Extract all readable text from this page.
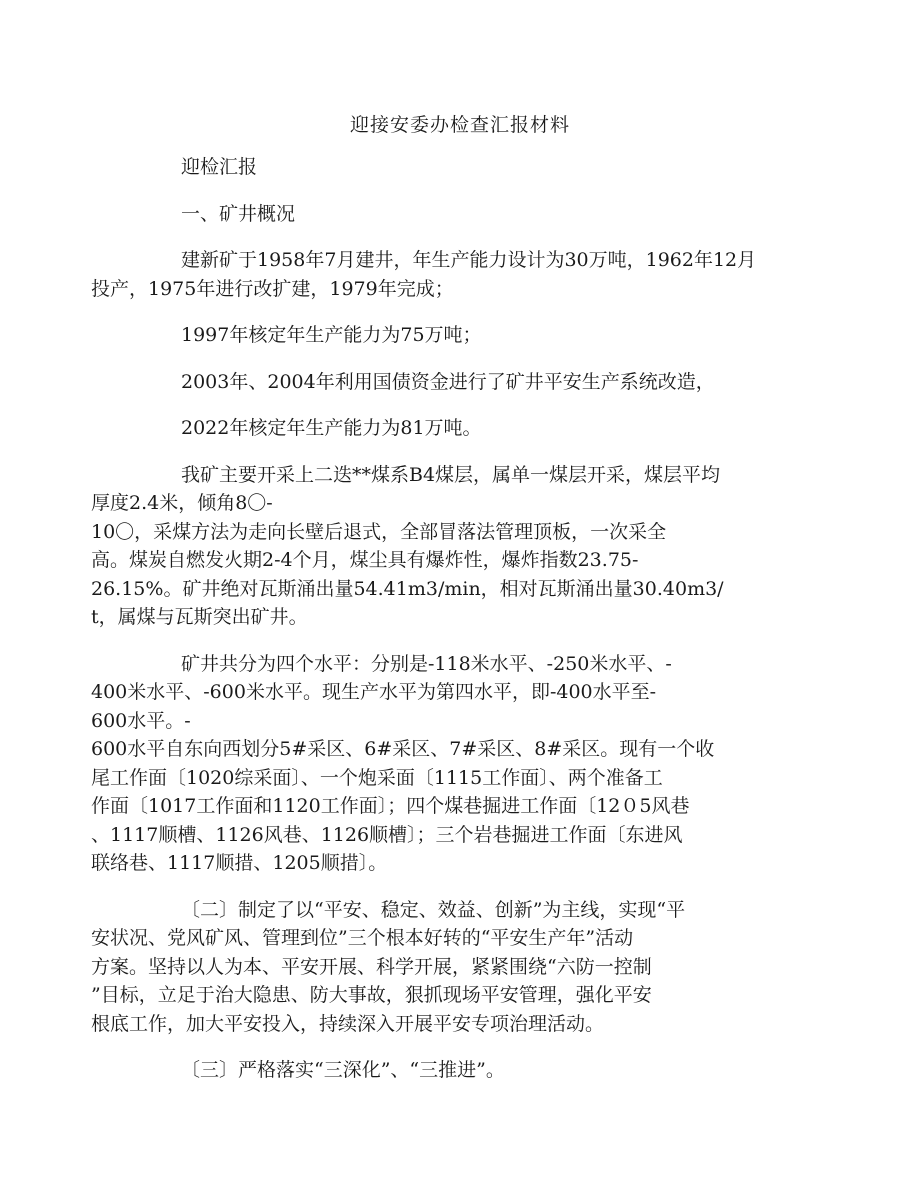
迎接安委办检查汇报材料

迎检汇报

一、矿井概况

建新矿于1958年7月建井，年生产能力设计为30万吨，1962年12月
投产，1975年进行改扩建，1979年完成；

1997年核定年生产能力为75万吨；

2003年、2004年利用国债资金进行了矿井平安生产系统改造，

2022年核定年生产能力为81万吨。

我矿主要开采上二迭**煤系B4煤层，属单一煤层开采，煤层平均
厚度2.4米，倾角8〇-
10〇，采煤方法为走向长壁后退式，全部冒落法管理顶板，一次采全
高。煤炭自燃发火期2-4个月，煤尘具有爆炸性，爆炸指数23.75-
26.15%。矿井绝对瓦斯涌出量54.41m3/min，相对瓦斯涌出量30.40m3/
t，属煤与瓦斯突出矿井。

矿井共分为四个水平：分别是-118米水平、-250米水平、-
400米水平、-600米水平。现生产水平为第四水平，即-400水平至-
600水平。-
600水平自东向西划分5#采区、6#采区、7#采区、8#采区。现有一个收
尾工作面〔1020综采面〕、一个炮采面〔1115工作面〕、两个准备工
作面〔1017工作面和1120工作面〕；四个煤巷掘进工作面〔12０5风巷
、1117顺槽、1126风巷、1126顺槽〕；三个岩巷掘进工作面〔东进风
联络巷、1117顺措、1205顺措〕。

〔二〕制定了以“平安、稳定、效益、创新”为主线，实现“平
安状况、党风矿风、管理到位”三个根本好转的“平安生产年”活动
方案。坚持以人为本、平安开展、科学开展，紧紧围绕“六防一控制
”目标，立足于治大隐患、防大事故，狠抓现场平安管理，强化平安
根底工作，加大平安投入，持续深入开展平安专项治理活动。

〔三〕严格落实“三深化”、“三推进”。
